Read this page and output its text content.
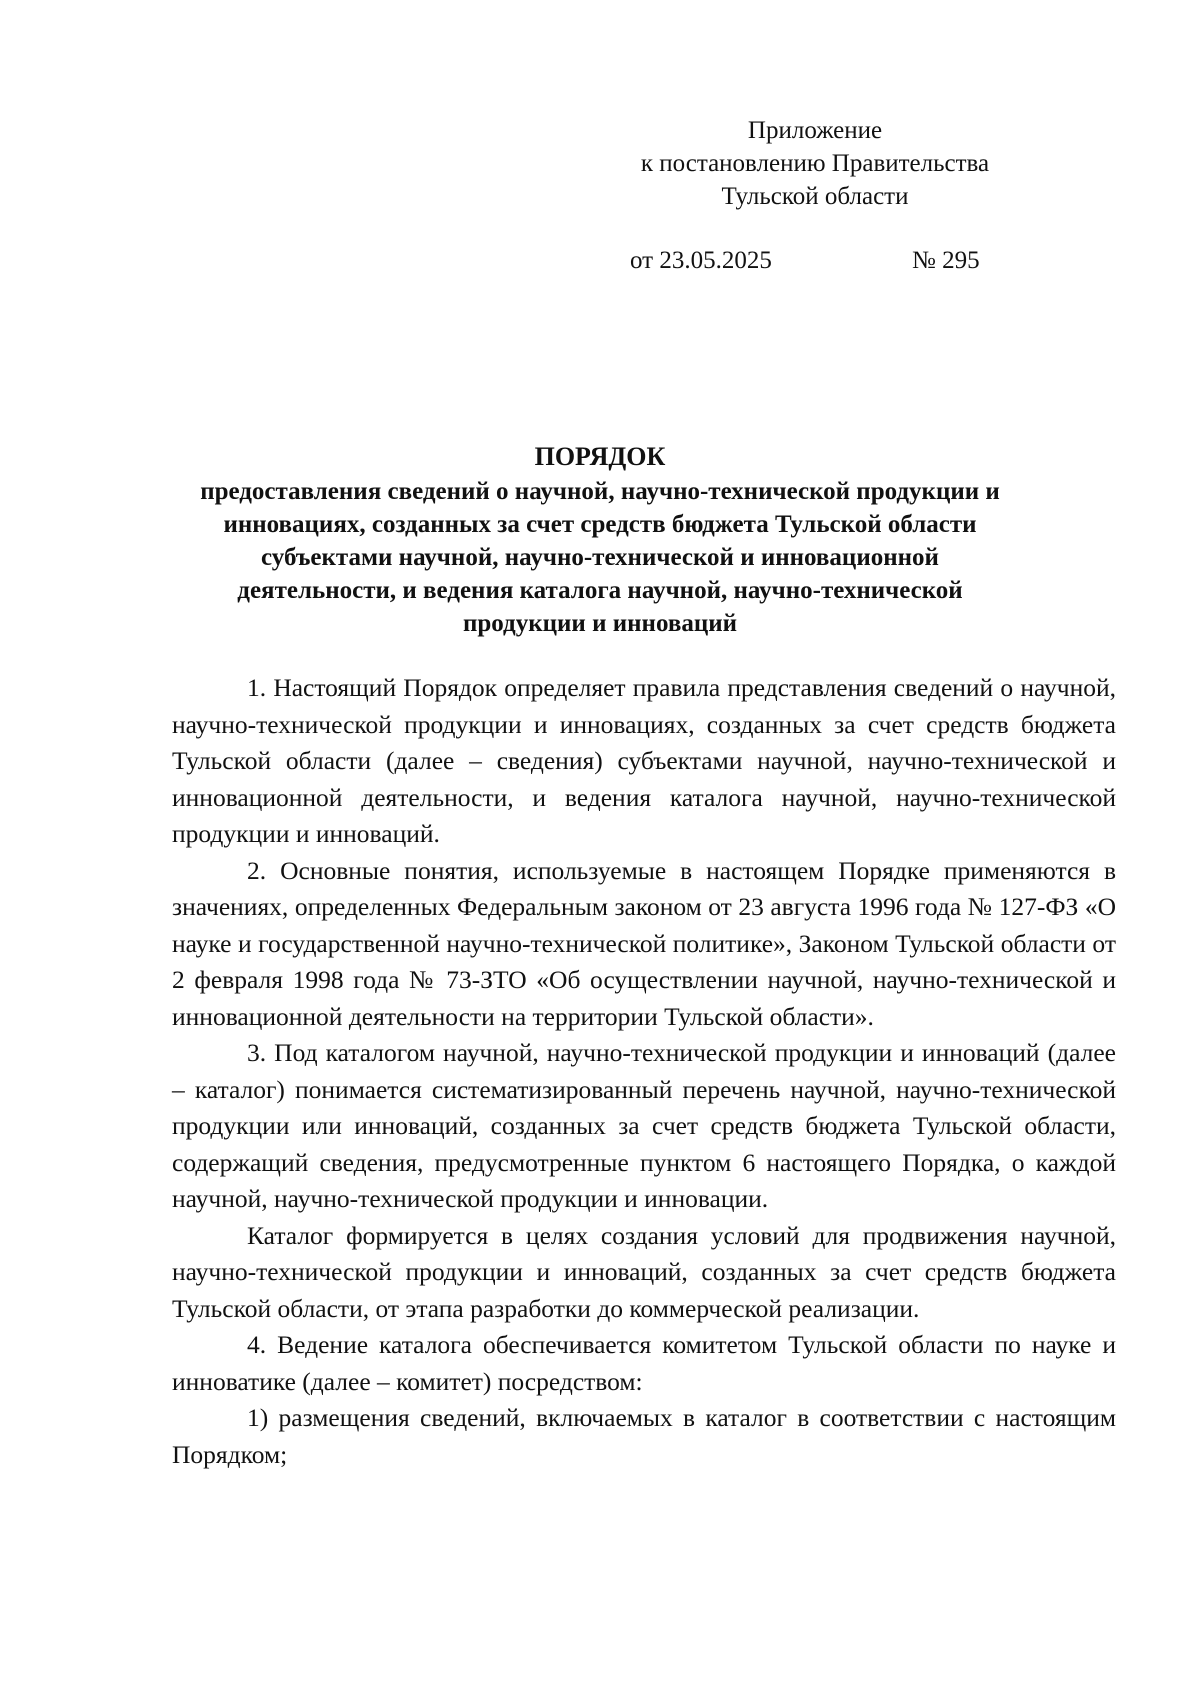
Приложение
к постановлению Правительства
Тульской области
от 23.05.2025	№ 295
ПОРЯДОК
предоставления сведений о научной, научно-технической продукции и
инновациях, созданных за счет средств бюджета Тульской области
субъектами научной, научно-технической и инновационной
деятельности, и ведения каталога научной, научно-технической
продукции и инноваций

1. Настоящий Порядок определяет правила представления сведений о научной, научно-технической продукции и инновациях, созданных за счет средств бюджета Тульской области (далее – сведения) субъектами научной, научно-технической и инновационной деятельности, и ведения каталога научной, научно-технической продукции и инноваций.

2. Основные понятия, используемые в настоящем Порядке применяются в значениях, определенных Федеральным законом от 23 августа 1996 года № 127-ФЗ «О науке и государственной научно-технической политике», Законом Тульской области от 2 февраля 1998 года № 73-ЗТО «Об осуществлении научной, научно-технической и инновационной деятельности на территории Тульской области».

3. Под каталогом научной, научно-технической продукции и инноваций (далее – каталог) понимается систематизированный перечень научной, научно-технической продукции или инноваций, созданных за счет средств бюджета Тульской области, содержащий сведения, предусмотренные пунктом 6 настоящего Порядка, о каждой научной, научно-технической продукции и инновации.

Каталог формируется в целях создания условий для продвижения научной, научно-технической продукции и инноваций, созданных за счет средств бюджета Тульской области, от этапа разработки до коммерческой реализации.

4. Ведение каталога обеспечивается комитетом Тульской области по науке и инноватике (далее – комитет) посредством:

1) размещения сведений, включаемых в каталог в соответствии с настоящим Порядком;
